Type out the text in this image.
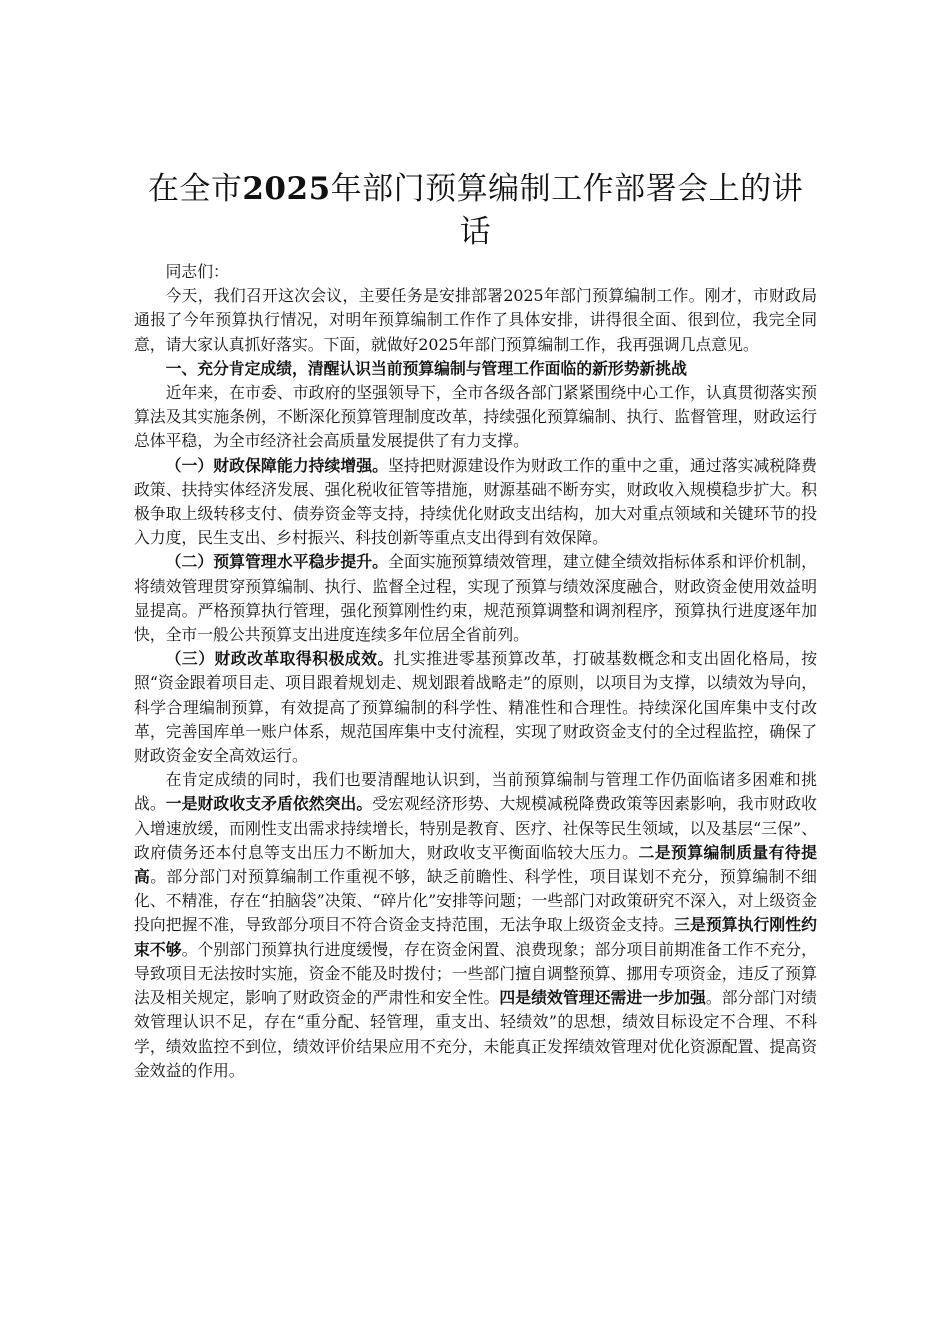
在全市2025年部门预算编制工作部署会上的讲话

同志们：

今天，我们召开这次会议，主要任务是安排部署2025年部门预算编制工作。刚才，市财政局通报了今年预算执行情况，对明年预算编制工作作了具体安排，讲得很全面、很到位，我完全同意，请大家认真抓好落实。下面，就做好2025年部门预算编制工作，我再强调几点意见。

一、充分肯定成绩，清醒认识当前预算编制与管理工作面临的新形势新挑战

近年来，在市委、市政府的坚强领导下，全市各级各部门紧紧围绕中心工作，认真贯彻落实预算法及其实施条例，不断深化预算管理制度改革，持续强化预算编制、执行、监督管理，财政运行总体平稳，为全市经济社会高质量发展提供了有力支撑。

（一）财政保障能力持续增强。坚持把财源建设作为财政工作的重中之重，通过落实减税降费政策、扶持实体经济发展、强化税收征管等措施，财源基础不断夯实，财政收入规模稳步扩大。积极争取上级转移支付、债券资金等支持，持续优化财政支出结构，加大对重点领域和关键环节的投入力度，民生支出、乡村振兴、科技创新等重点支出得到有效保障。

（二）预算管理水平稳步提升。全面实施预算绩效管理，建立健全绩效指标体系和评价机制，将绩效管理贯穿预算编制、执行、监督全过程，实现了预算与绩效深度融合，财政资金使用效益明显提高。严格预算执行管理，强化预算刚性约束，规范预算调整和调剂程序，预算执行进度逐年加快，全市一般公共预算支出进度连续多年位居全省前列。

（三）财政改革取得积极成效。扎实推进零基预算改革，打破基数概念和支出固化格局，按照“资金跟着项目走、项目跟着规划走、规划跟着战略走”的原则，以项目为支撑，以绩效为导向，科学合理编制预算，有效提高了预算编制的科学性、精准性和合理性。持续深化国库集中支付改革，完善国库单一账户体系，规范国库集中支付流程，实现了财政资金支付的全过程监控，确保了财政资金安全高效运行。

在肯定成绩的同时，我们也要清醒地认识到，当前预算编制与管理工作仍面临诸多困难和挑战。一是财政收支矛盾依然突出。受宏观经济形势、大规模减税降费政策等因素影响，我市财政收入增速放缓，而刚性支出需求持续增长，特别是教育、医疗、社保等民生领域，以及基层“三保”、政府债务还本付息等支出压力不断加大，财政收支平衡面临较大压力。二是预算编制质量有待提高。部分部门对预算编制工作重视不够，缺乏前瞻性、科学性，项目谋划不充分，预算编制不细化、不精准，存在“拍脑袋”决策、“碎片化”安排等问题；一些部门对政策研究不深入，对上级资金投向把握不准，导致部分项目不符合资金支持范围，无法争取上级资金支持。三是预算执行刚性约束不够。个别部门预算执行进度缓慢，存在资金闲置、浪费现象；部分项目前期准备工作不充分，导致项目无法按时实施，资金不能及时拨付；一些部门擅自调整预算、挪用专项资金，违反了预算法及相关规定，影响了财政资金的严肃性和安全性。四是绩效管理还需进一步加强。部分部门对绩效管理认识不足，存在“重分配、轻管理，重支出、轻绩效”的思想，绩效目标设定不合理、不科学，绩效监控不到位，绩效评价结果应用不充分，未能真正发挥绩效管理对优化资源配置、提高资金效益的作用。
